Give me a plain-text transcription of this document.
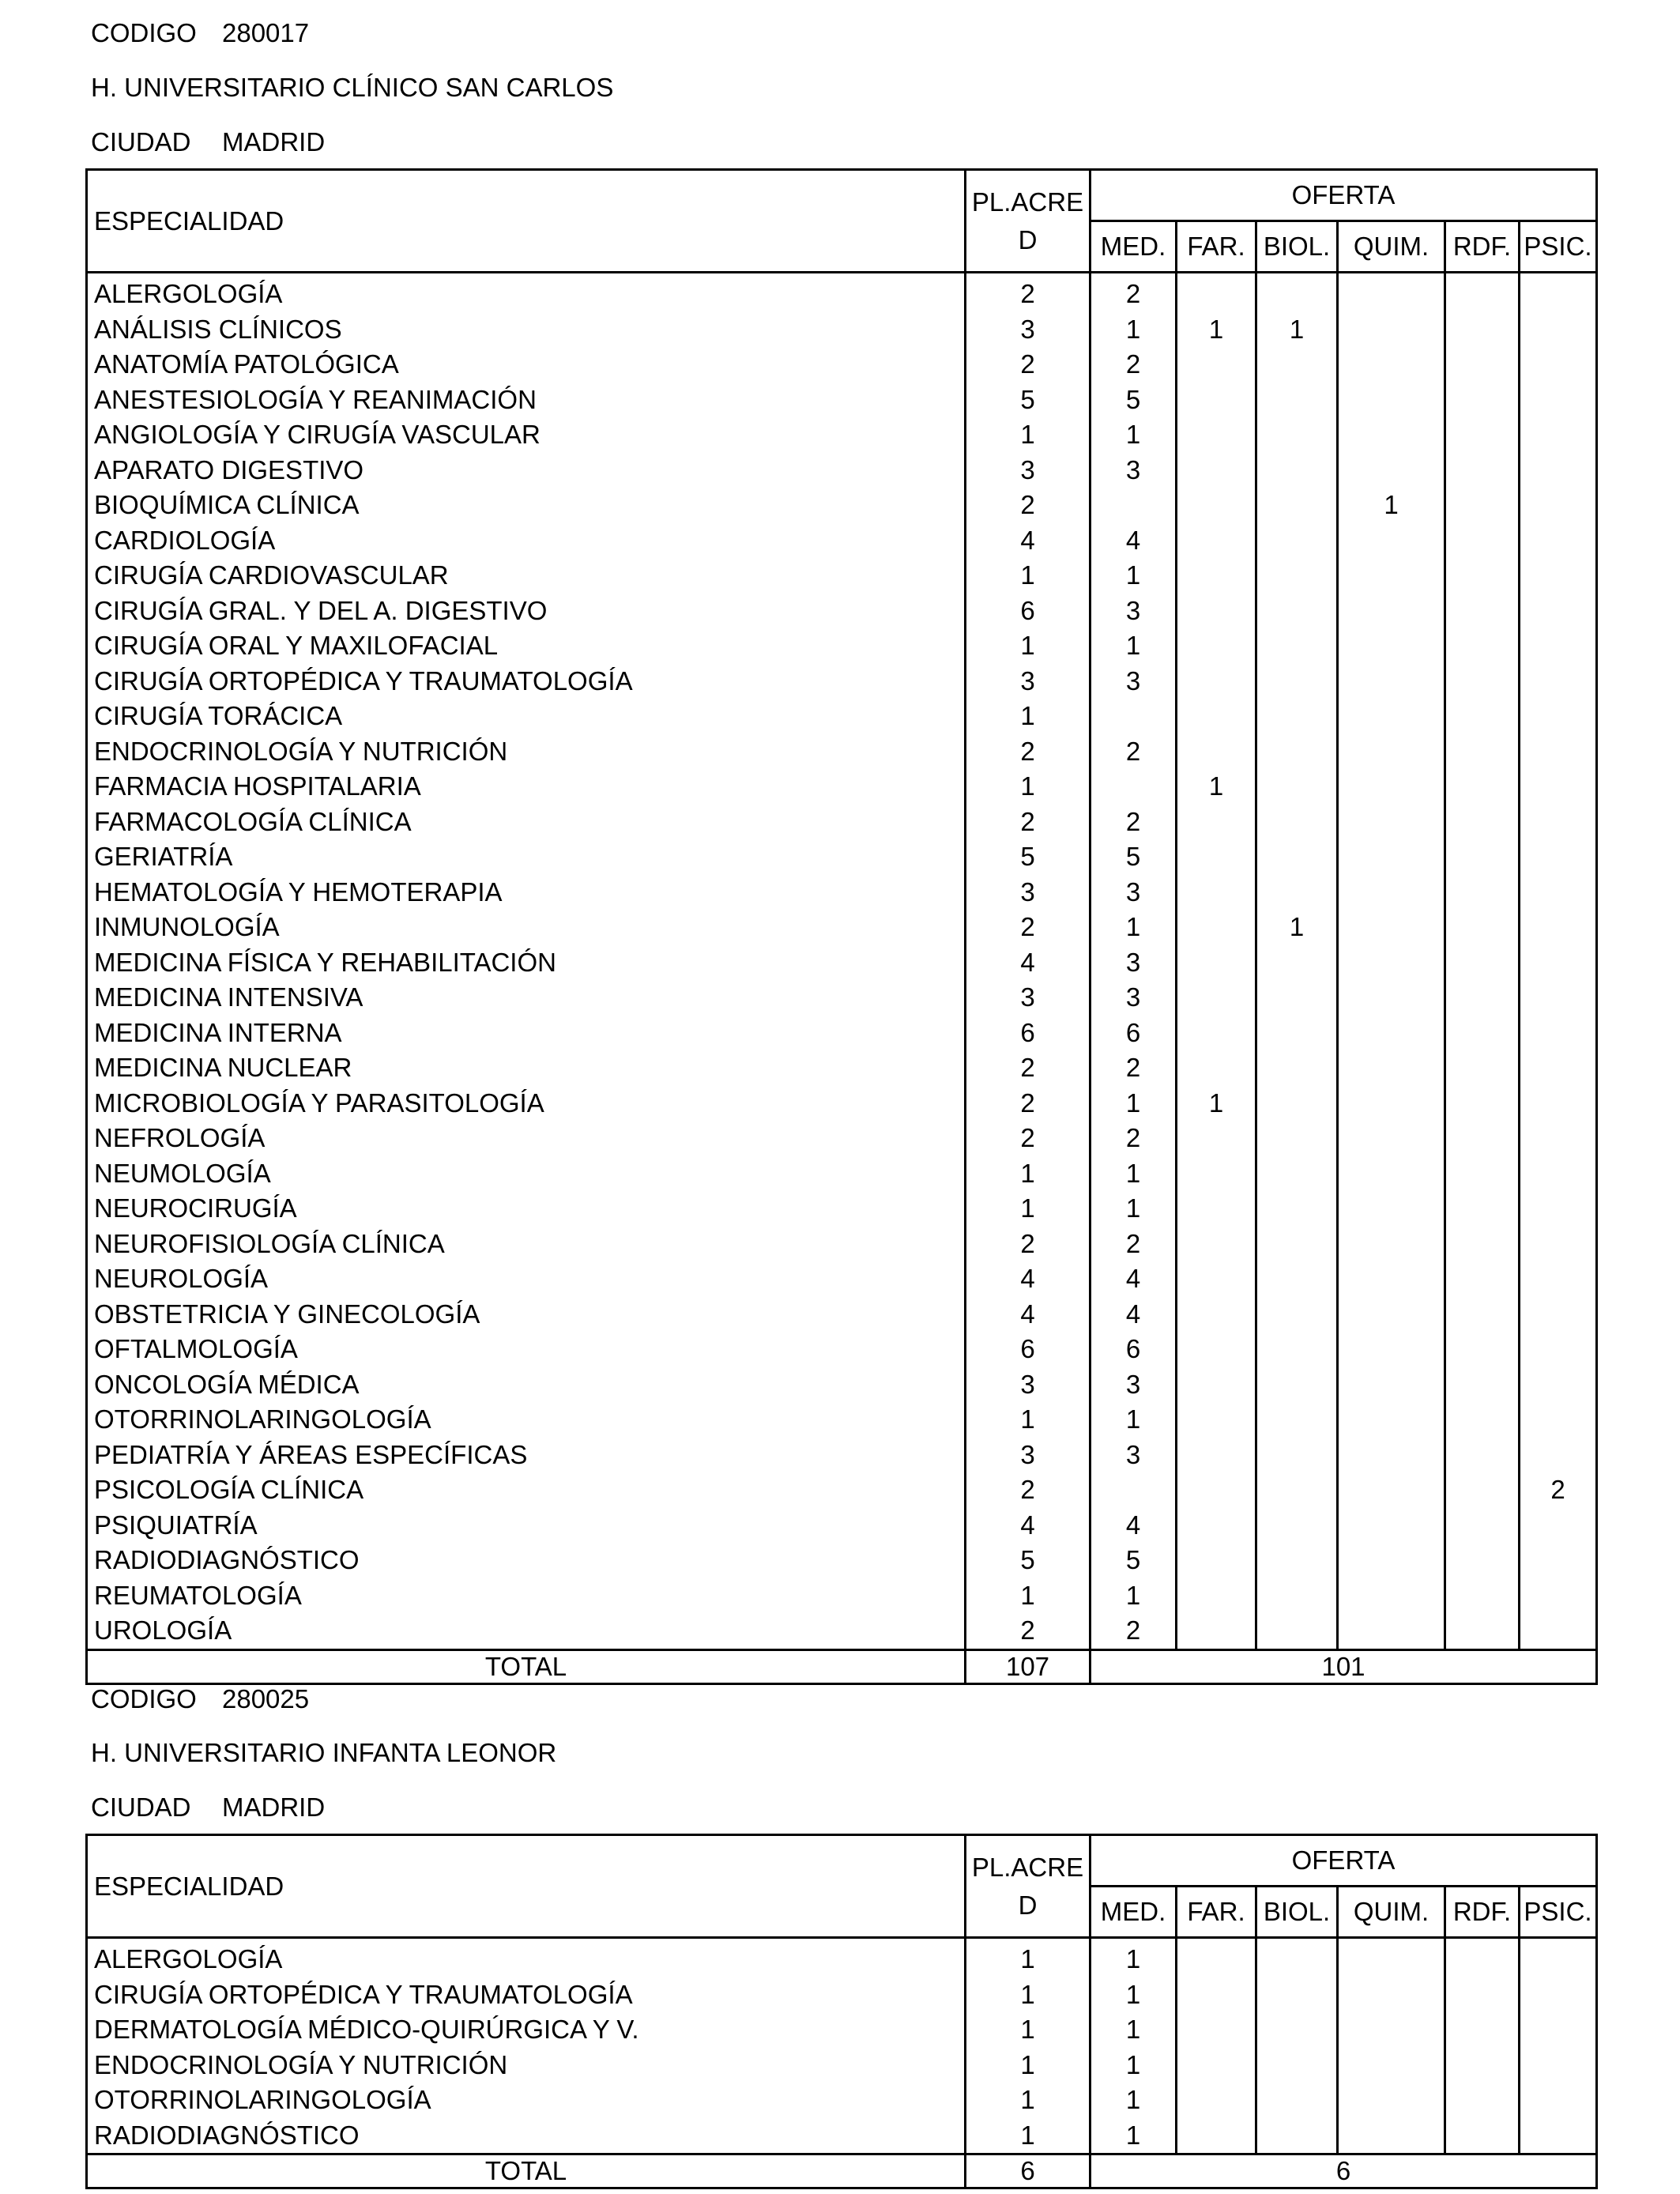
CODIGO 280017
H. UNIVERSITARIO CLÍNICO SAN CARLOS
CIUDAD MADRID
ESPECIALIDAD	PL.ACRE
D	OFERTA					
		MED.	FAR.	BIOL.	QUIM.	RDF.	PSIC.
ALERGOLOGÍA	2	2					
ANÁLISIS CLÍNICOS	3	1	1	1			
ANATOMÍA PATOLÓGICA	2	2					
ANESTESIOLOGÍA Y REANIMACIÓN	5	5					
ANGIOLOGÍA Y CIRUGÍA VASCULAR	1	1					
APARATO DIGESTIVO	3	3					
BIOQUÍMICA CLÍNICA	2				1		
CARDIOLOGÍA	4	4					
CIRUGÍA CARDIOVASCULAR	1	1					
CIRUGÍA GRAL. Y DEL A. DIGESTIVO	6	3					
CIRUGÍA ORAL Y MAXILOFACIAL	1	1					
CIRUGÍA ORTOPÉDICA Y TRAUMATOLOGÍA	3	3					
CIRUGÍA TORÁCICA	1						
ENDOCRINOLOGÍA Y NUTRICIÓN	2	2					
FARMACIA HOSPITALARIA	1		1				
FARMACOLOGÍA CLÍNICA	2	2					
GERIATRÍA	5	5					
HEMATOLOGÍA Y HEMOTERAPIA	3	3					
INMUNOLOGÍA	2	1		1			
MEDICINA FÍSICA Y REHABILITACIÓN	4	3					
MEDICINA INTENSIVA	3	3					
MEDICINA INTERNA	6	6					
MEDICINA NUCLEAR	2	2					
MICROBIOLOGÍA Y PARASITOLOGÍA	2	1	1				
NEFROLOGÍA	2	2					
NEUMOLOGÍA	1	1					
NEUROCIRUGÍA	1	1					
NEUROFISIOLOGÍA CLÍNICA	2	2					
NEUROLOGÍA	4	4					
OBSTETRICIA Y GINECOLOGÍA	4	4					
OFTALMOLOGÍA	6	6					
ONCOLOGÍA MÉDICA	3	3					
OTORRINOLARINGOLOGÍA	1	1					
PEDIATRÍA Y ÁREAS ESPECÍFICAS	3	3					
PSICOLOGÍA CLÍNICA	2						2
PSIQUIATRÍA	4	4					
RADIODIAGNÓSTICO	5	5					
REUMATOLOGÍA	1	1					
UROLOGÍA	2	2					
TOTAL	107	101					
CODIGO 280025
H. UNIVERSITARIO INFANTA LEONOR
CIUDAD MADRID
ESPECIALIDAD	PL.ACRE
D	OFERTA					
		MED.	FAR.	BIOL.	QUIM.	RDF.	PSIC.
ALERGOLOGÍA	1	1					
CIRUGÍA ORTOPÉDICA Y TRAUMATOLOGÍA	1	1					
DERMATOLOGÍA MÉDICO-QUIRÚRGICA Y V.	1	1					
ENDOCRINOLOGÍA Y NUTRICIÓN	1	1					
OTORRINOLARINGOLOGÍA	1	1					
RADIODIAGNÓSTICO	1	1					
TOTAL	6	6					
